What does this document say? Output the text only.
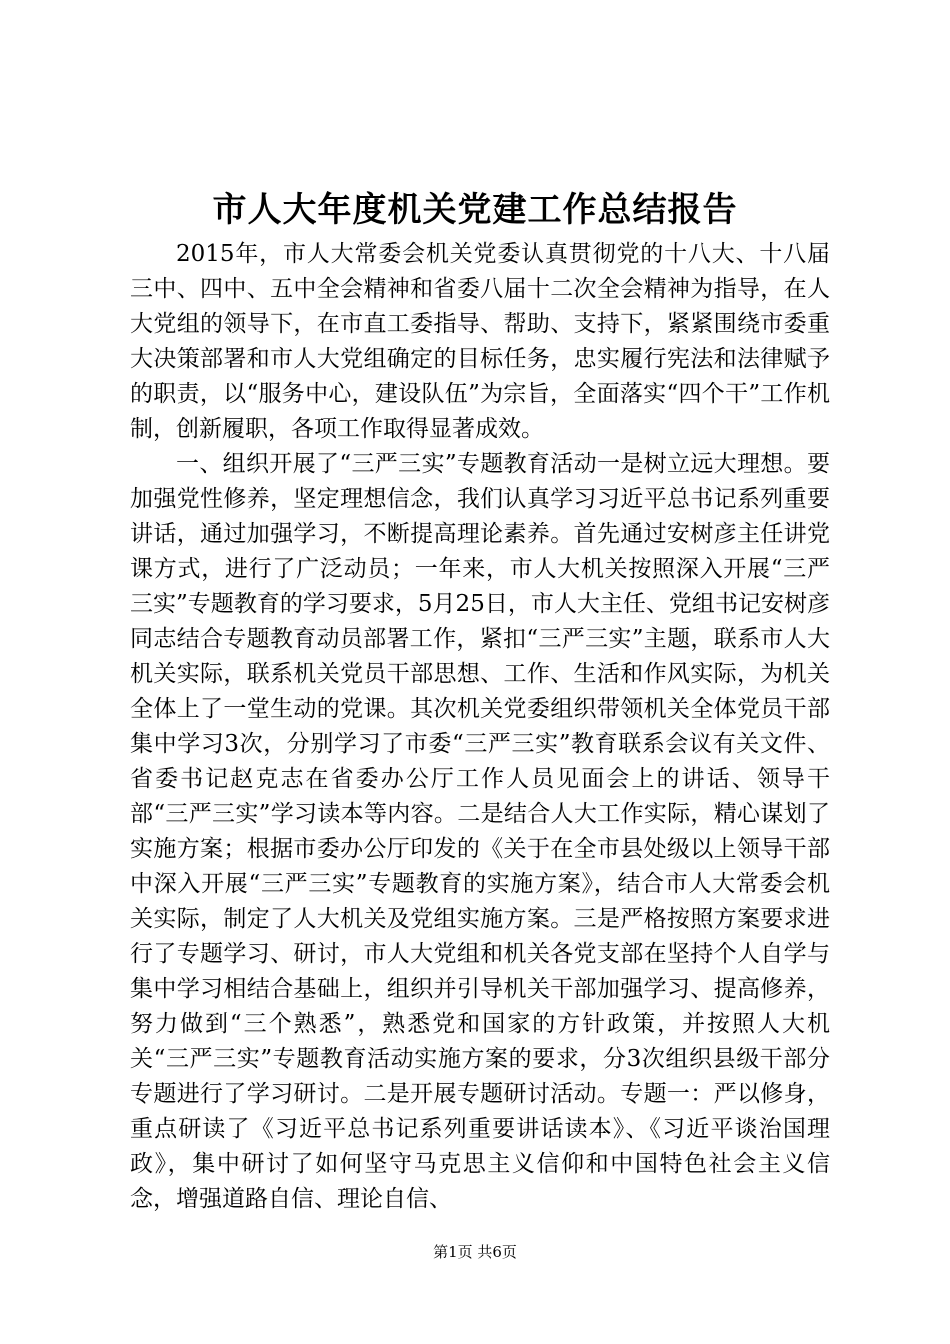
市人大年度机关党建工作总结报告

2015年，市人大常委会机关党委认真贯彻党的十八大、十八届三中、四中、五中全会精神和省委八届十二次全会精神为指导，在人大党组的领导下，在市直工委指导、帮助、支持下，紧紧围绕市委重大决策部署和市人大党组确定的目标任务，忠实履行宪法和法律赋予的职责，以“服务中心，建设队伍”为宗旨，全面落实“四个干”工作机制，创新履职，各项工作取得显著成效。

一、组织开展了“三严三实”专题教育活动一是树立远大理想。要加强党性修养，坚定理想信念，我们认真学习习近平总书记系列重要讲话，通过加强学习，不断提高理论素养。首先通过安树彦主任讲党课方式，进行了广泛动员；一年来，市人大机关按照深入开展“三严三实”专题教育的学习要求，5月25日，市人大主任、党组书记安树彦同志结合专题教育动员部署工作，紧扣“三严三实”主题，联系市人大机关实际，联系机关党员干部思想、工作、生活和作风实际，为机关全体上了一堂生动的党课。其次机关党委组织带领机关全体党员干部集中学习3次，分别学习了市委“三严三实”教育联系会议有关文件、省委书记赵克志在省委办公厅工作人员见面会上的讲话、领导干部“三严三实”学习读本等内容。二是结合人大工作实际，精心谋划了实施方案；根据市委办公厅印发的《关于在全市县处级以上领导干部中深入开展“三严三实”专题教育的实施方案》，结合市人大常委会机关实际，制定了人大机关及党组实施方案。三是严格按照方案要求进行了专题学习、研讨，市人大党组和机关各党支部在坚持个人自学与集中学习相结合基础上，组织并引导机关干部加强学习、提高修养，努力做到“三个熟悉”，熟悉党和国家的方针政策，并按照人大机关“三严三实”专题教育活动实施方案的要求，分3次组织县级干部分专题进行了学习研讨。二是开展专题研讨活动。专题一：严以修身，重点研读了《习近平总书记系列重要讲话读本》、《习近平谈治国理政》，集中研讨了如何坚守马克思主义信仰和中国特色社会主义信念，增强道路自信、理论自信、

第1页 共6页
